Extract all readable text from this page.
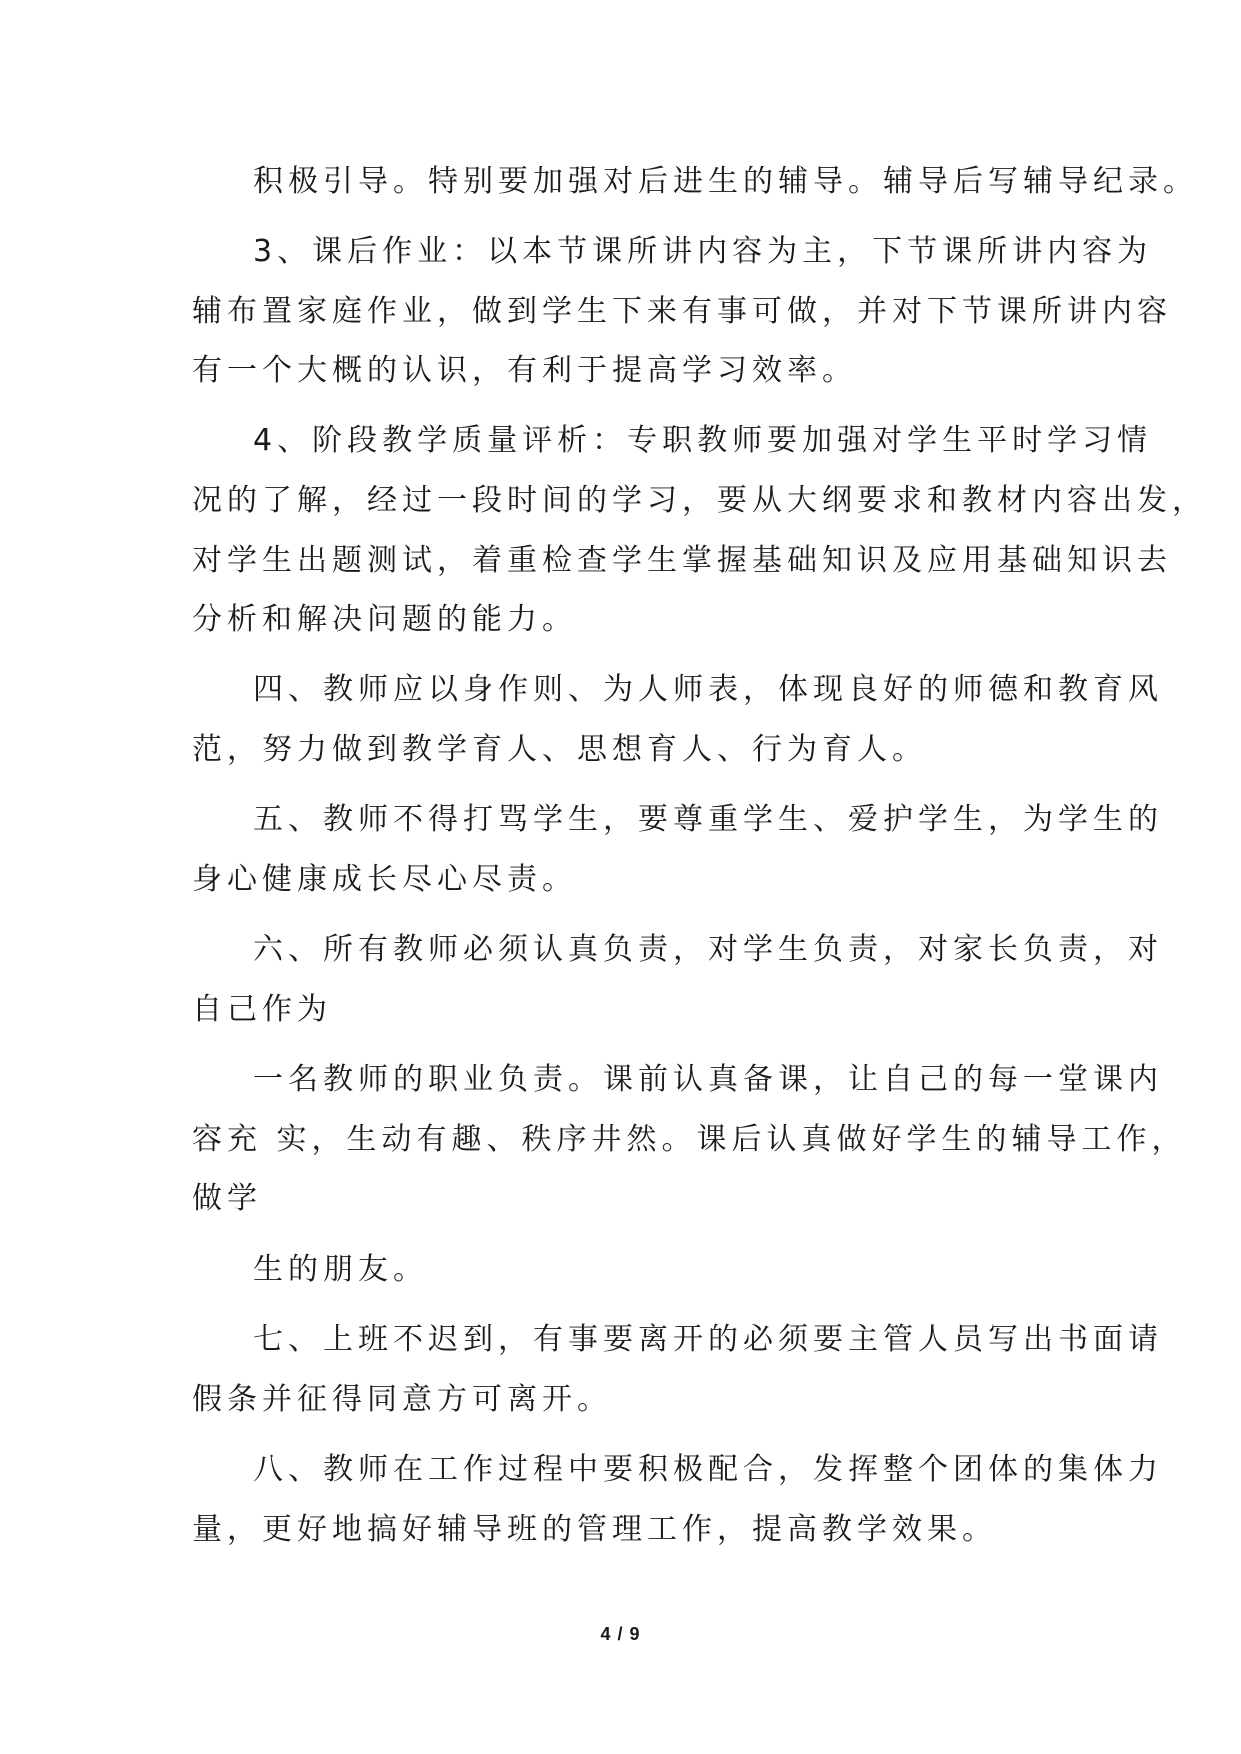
积极引导。特别要加强对后进生的辅导。辅导后写辅导纪录。
3、课后作业：以本节课所讲内容为主，下节课所讲内容为
辅布置家庭作业，做到学生下来有事可做，并对下节课所讲内容
有一个大概的认识，有利于提高学习效率。
4、阶段教学质量评析：专职教师要加强对学生平时学习情
况的了解，经过一段时间的学习，要从大纲要求和教材内容出发，
对学生出题测试，着重检查学生掌握基础知识及应用基础知识去
分析和解决问题的能力。
四、教师应以身作则、为人师表，体现良好的师德和教育风
范，努力做到教学育人、思想育人、行为育人。
五、教师不得打骂学生，要尊重学生、爱护学生，为学生的
身心健康成长尽心尽责。
六、所有教师必须认真负责，对学生负责，对家长负责，对
自己作为
一名教师的职业负责。课前认真备课，让自己的每一堂课内
容充 实，生动有趣、秩序井然。课后认真做好学生的辅导工作，
做学
生的朋友。
七、上班不迟到，有事要离开的必须要主管人员写出书面请
假条并征得同意方可离开。
八、教师在工作过程中要积极配合，发挥整个团体的集体力
量，更好地搞好辅导班的管理工作，提高教学效果。
4 / 9
